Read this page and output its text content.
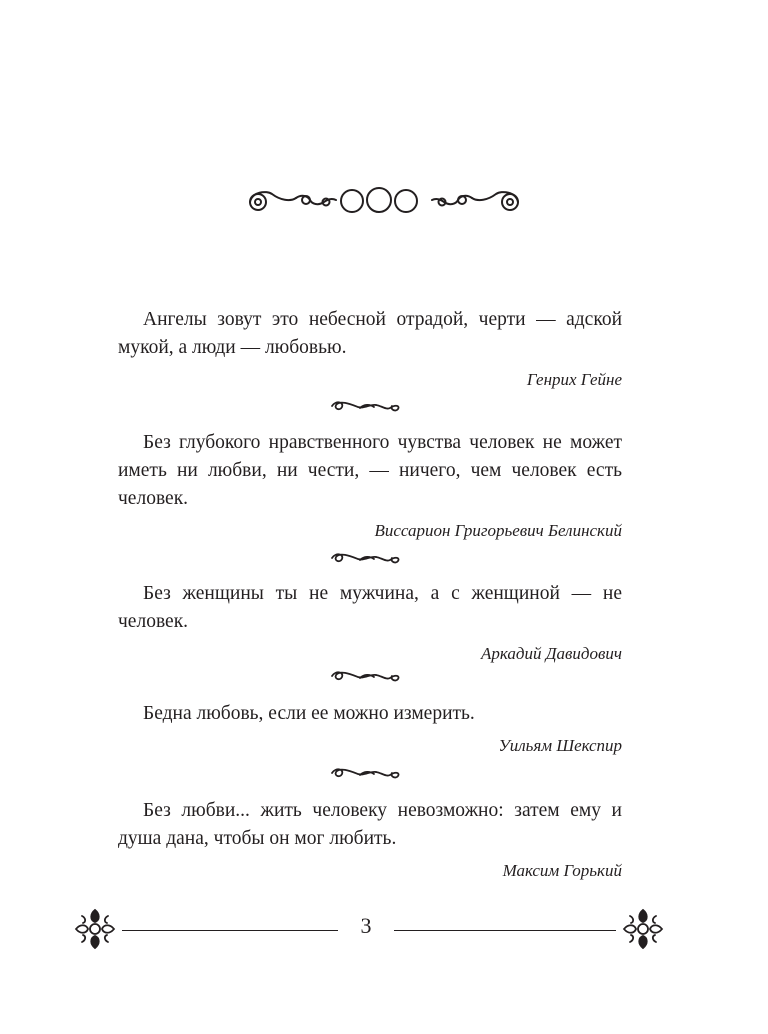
Ангелы зовут это небесной отрадой, черти — адской мукой, а люди — любовью.

Генрих Гейне

Без глубокого нравственного чувства человек не может иметь ни любви, ни чести, — ничего, чем человек есть человек.

Виссарион Григорьевич Белинский

Без женщины ты не мужчина, а с женщиной — не человек.

Аркадий Давидович

Бедна любовь, если ее можно измерить.

Уильям Шекспир

Без любви... жить человеку невозможно: затем ему и душа дана, чтобы он мог любить.

Максим Горький

3
